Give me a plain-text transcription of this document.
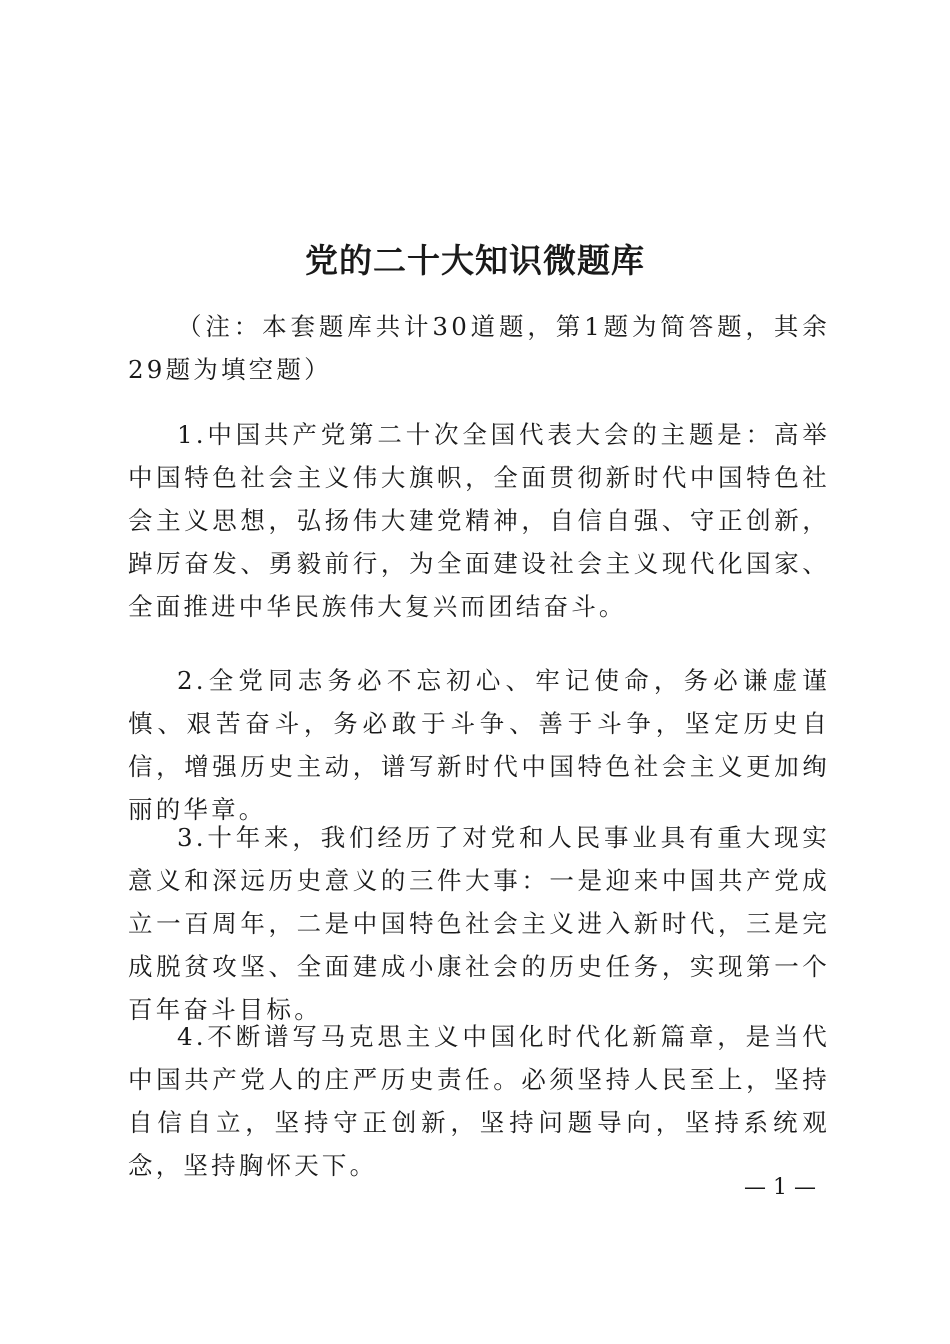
党的二十大知识微题库

（注：本套题库共计30道题，第1题为简答题，其余29题为填空题）

1.中国共产党第二十次全国代表大会的主题是：高举中国特色社会主义伟大旗帜，全面贯彻新时代中国特色社会主义思想，弘扬伟大建党精神，自信自强、守正创新，踔厉奋发、勇毅前行，为全面建设社会主义现代化国家、全面推进中华民族伟大复兴而团结奋斗。

2.全党同志务必不忘初心、牢记使命，务必谦虚谨慎、艰苦奋斗，务必敢于斗争、善于斗争，坚定历史自信，增强历史主动，谱写新时代中国特色社会主义更加绚丽的华章。

3.十年来，我们经历了对党和人民事业具有重大现实意义和深远历史意义的三件大事：一是迎来中国共产党成立一百周年，二是中国特色社会主义进入新时代，三是完成脱贫攻坚、全面建成小康社会的历史任务，实现第一个百年奋斗目标。

4.不断谱写马克思主义中国化时代化新篇章，是当代中国共产党人的庄严历史责任。必须坚持人民至上，坚持自信自立，坚持守正创新，坚持问题导向，坚持系统观念，坚持胸怀天下。

— 1 —
